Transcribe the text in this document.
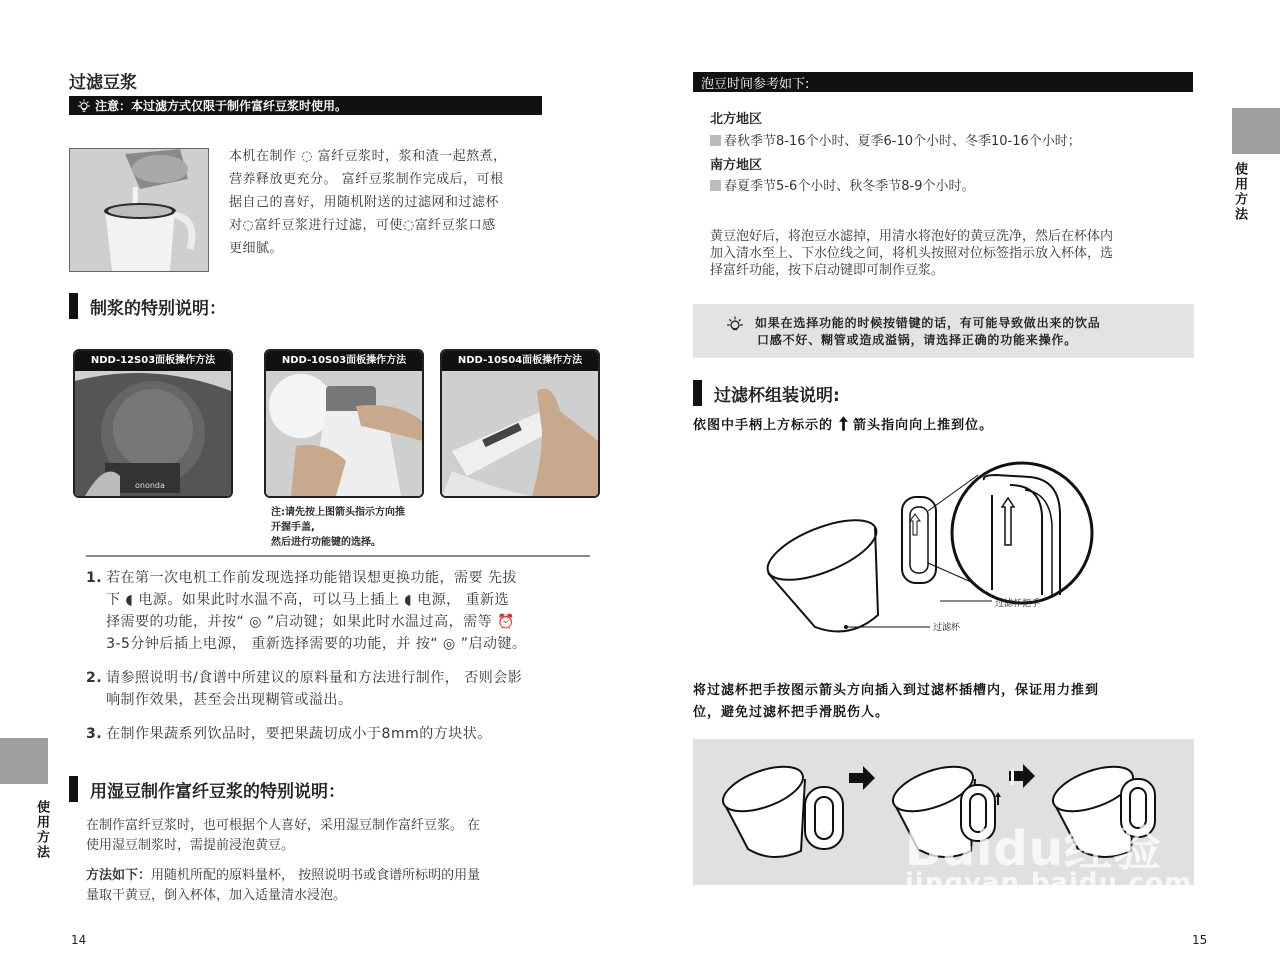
过滤豆浆
注意：本过滤方式仅限于制作富纤豆浆时使用。
本机在制作 ◌ 富纤豆浆时，浆和渣一起熬煮，
营养释放更充分。 富纤豆浆制作完成后，可根
据自己的喜好，用随机附送的过滤网和过滤杯
对◌富纤豆浆进行过滤，可使◌富纤豆浆口感
更细腻。
制浆的特别说明：
NDD-12S03面板操作方法
ononda
NDD-10S03面板操作方法	NDD-10S04面板操作方法
注:请先按上图箭头指示方向推
开握手盖,
然后进行功能键的选择。
1. 若在第一次电机工作前发现选择功能错误想更换功能，需要 先拔
下 ◖ 电源。如果此时水温不高，可以马上插上 ◖ 电源， 重新选
择需要的功能，并按“ ◎ ”启动键；如果此时水温过高，需等 ⏰
3-5分钟后插上电源， 重新选择需要的功能，并 按“ ◎ ”启动键。
2. 请参照说明书/食谱中所建议的原料量和方法进行制作， 否则会影
响制作效果，甚至会出现糊管或溢出。
3. 在制作果蔬系列饮品时，要把果蔬切成小于8mm的方块状。
用湿豆制作富纤豆浆的特别说明：
在制作富纤豆浆时，也可根据个人喜好，采用湿豆制作富纤豆浆。 在
使用湿豆制浆时，需提前浸泡黄豆。
方法如下：用随机所配的原料量杯， 按照说明书或食谱所标明的用量
量取干黄豆，倒入杯体，加入适量清水浸泡。
使用方法
14
泡豆时间参考如下:
北方地区
春秋季节8-16个小时、夏季6-10个小时、冬季10-16个小时；
南方地区
春夏季节5-6个小时、秋冬季节8-9个小时。
黄豆泡好后，将泡豆水滤掉，用清水将泡好的黄豆洗净，然后在杯体内
加入清水至上、下水位线之间，将机头按照对位标签指示放入杯体，选
择富纤功能，按下启动键即可制作豆浆。
如果在选择功能的时候按错键的话，有可能导致做出来的饮品
口感不好、糊管或造成溢锅，请选择正确的功能来操作。
过滤杯组装说明:
依图中手柄上方标示的 箭头指向向上推到位。
过滤杯把手
过滤杯
将过滤杯把手按图示箭头方向插入到过滤杯插槽内，保证用力推到
位，避免过滤杯把手滑脱伤人。
Baidu经验
jingyan.baidu.com
使用方法
15
